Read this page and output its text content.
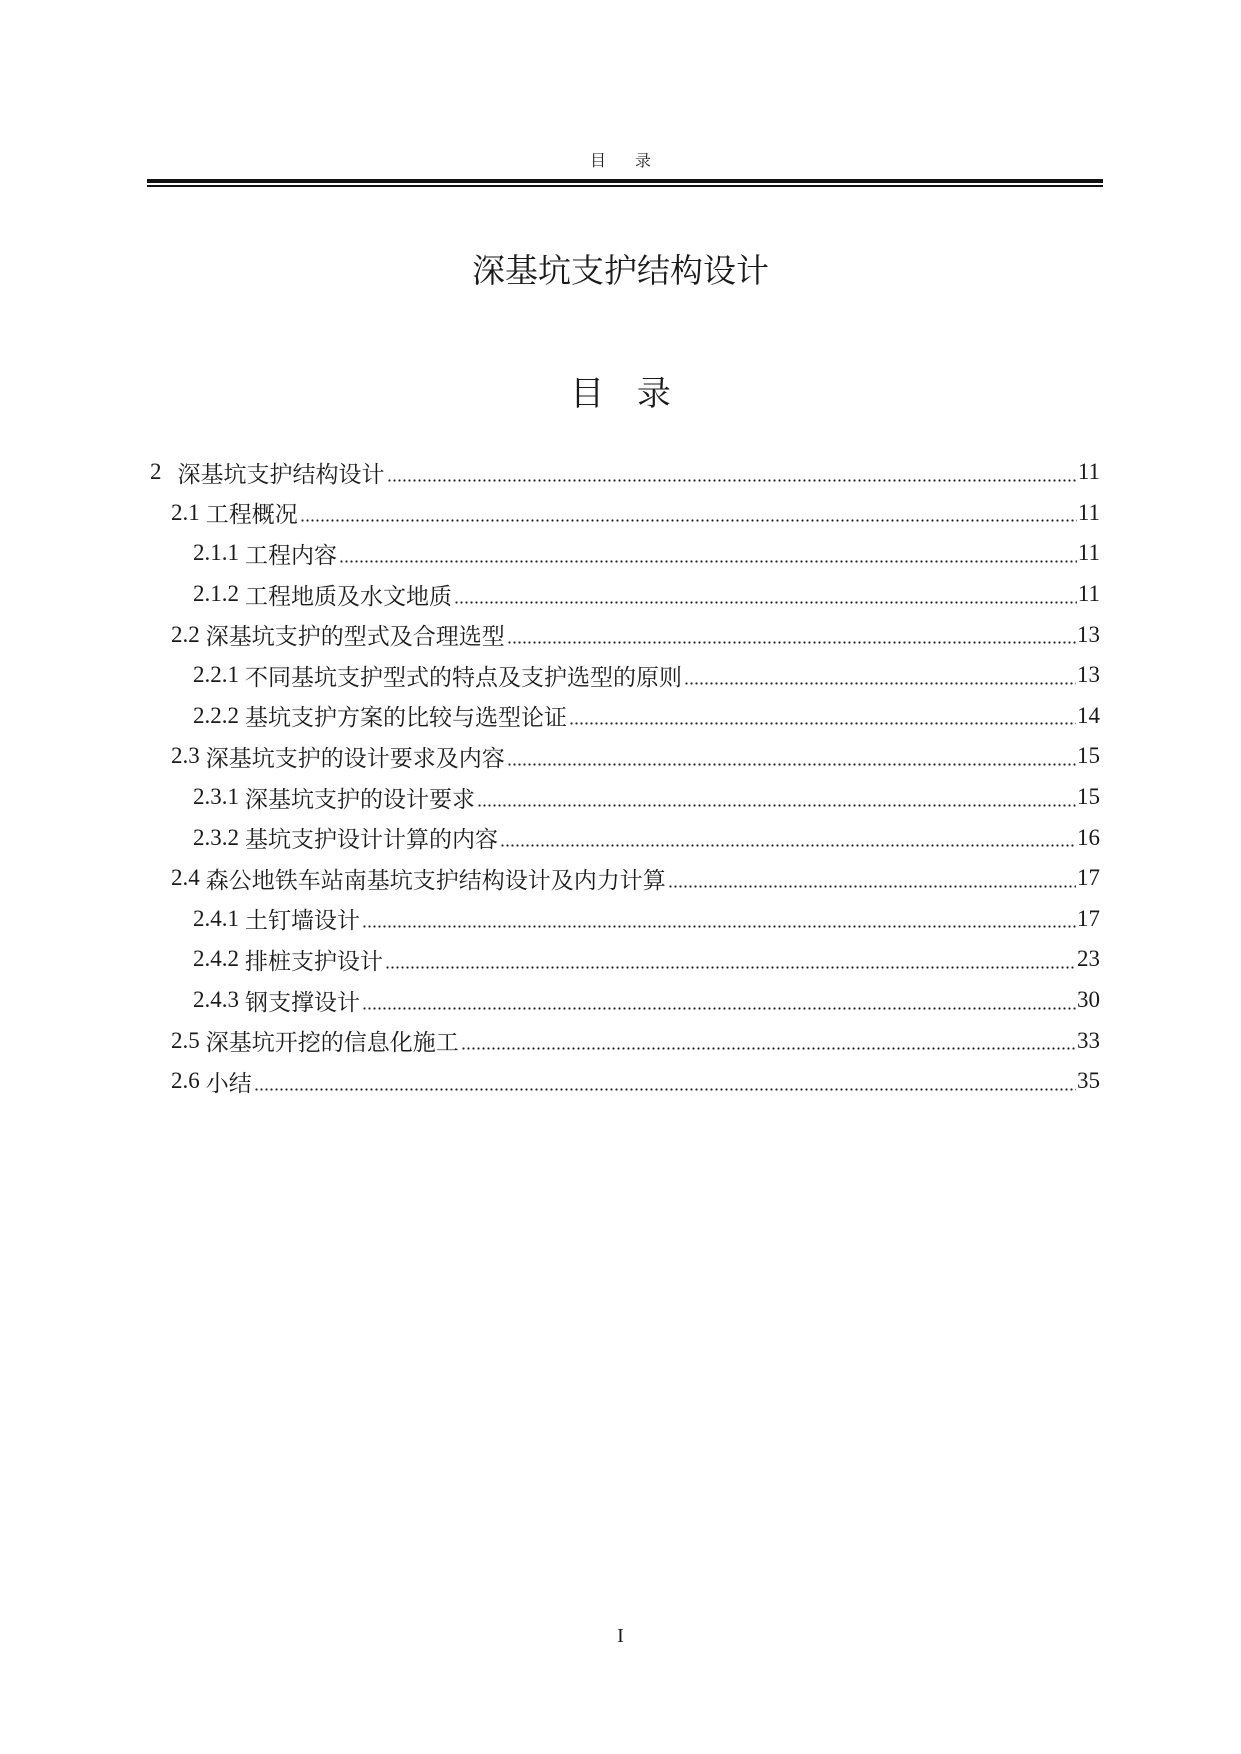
目 录
深基坑支护结构设计
目 录
2 深基坑支护结构设计	11
2.1 工程概况	11
2.1.1 工程内容	11
2.1.2 工程地质及水文地质	11
2.2 深基坑支护的型式及合理选型	13
2.2.1 不同基坑支护型式的特点及支护选型的原则	13
2.2.2 基坑支护方案的比较与选型论证	14
2.3 深基坑支护的设计要求及内容	15
2.3.1 深基坑支护的设计要求	15
2.3.2 基坑支护设计计算的内容	16
2.4 森公地铁车站南基坑支护结构设计及内力计算	17
2.4.1 土钉墙设计	17
2.4.2 排桩支护设计	23
2.4.3 钢支撑设计	30
2.5 深基坑开挖的信息化施工	33
2.6 小结	35
I
